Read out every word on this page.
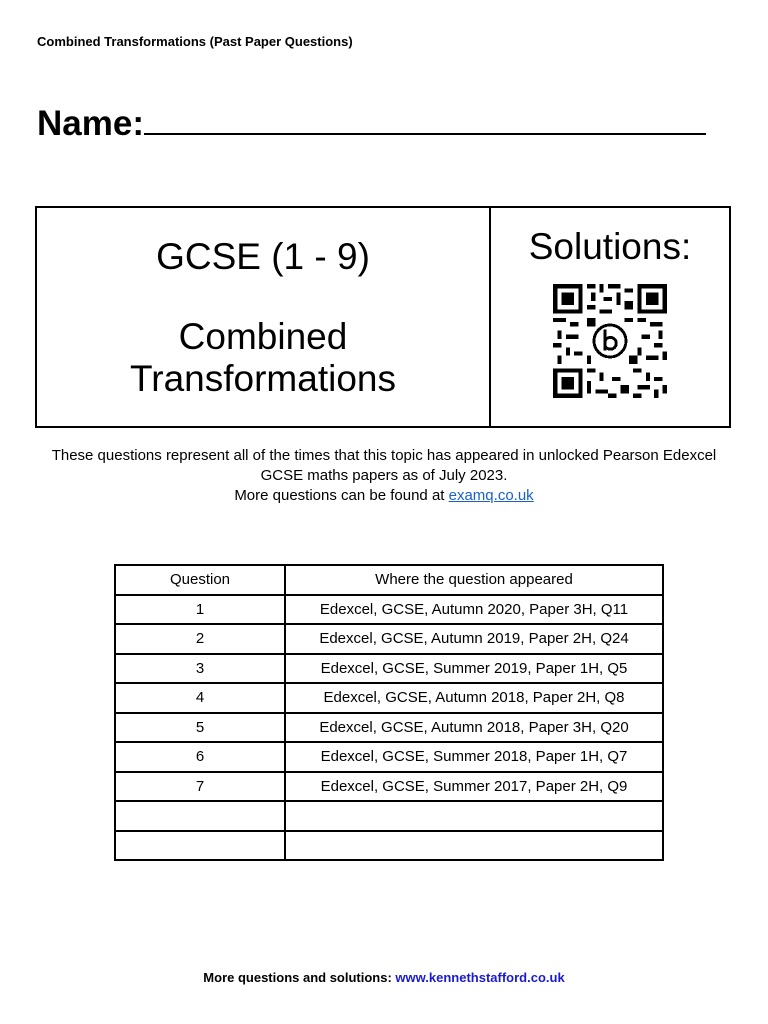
Combined Transformations (Past Paper Questions)
Name:
GCSE (1 - 9)
Combined
Transformations
Solutions:
These questions represent all of the times that this topic has appeared in unlocked Pearson Edexcel GCSE maths papers as of July 2023.
More questions can be found at examq.co.uk
Question	Where the question appeared
1	Edexcel, GCSE, Autumn 2020, Paper 3H, Q11
2	Edexcel, GCSE, Autumn 2019, Paper 2H, Q24
3	Edexcel, GCSE, Summer 2019, Paper 1H, Q5
4	Edexcel, GCSE, Autumn 2018, Paper 2H, Q8
5	Edexcel, GCSE, Autumn 2018, Paper 3H, Q20
6	Edexcel, GCSE, Summer 2018, Paper 1H, Q7
7	Edexcel, GCSE, Summer 2017, Paper 2H, Q9

More questions and solutions: www.kennethstafford.co.uk
